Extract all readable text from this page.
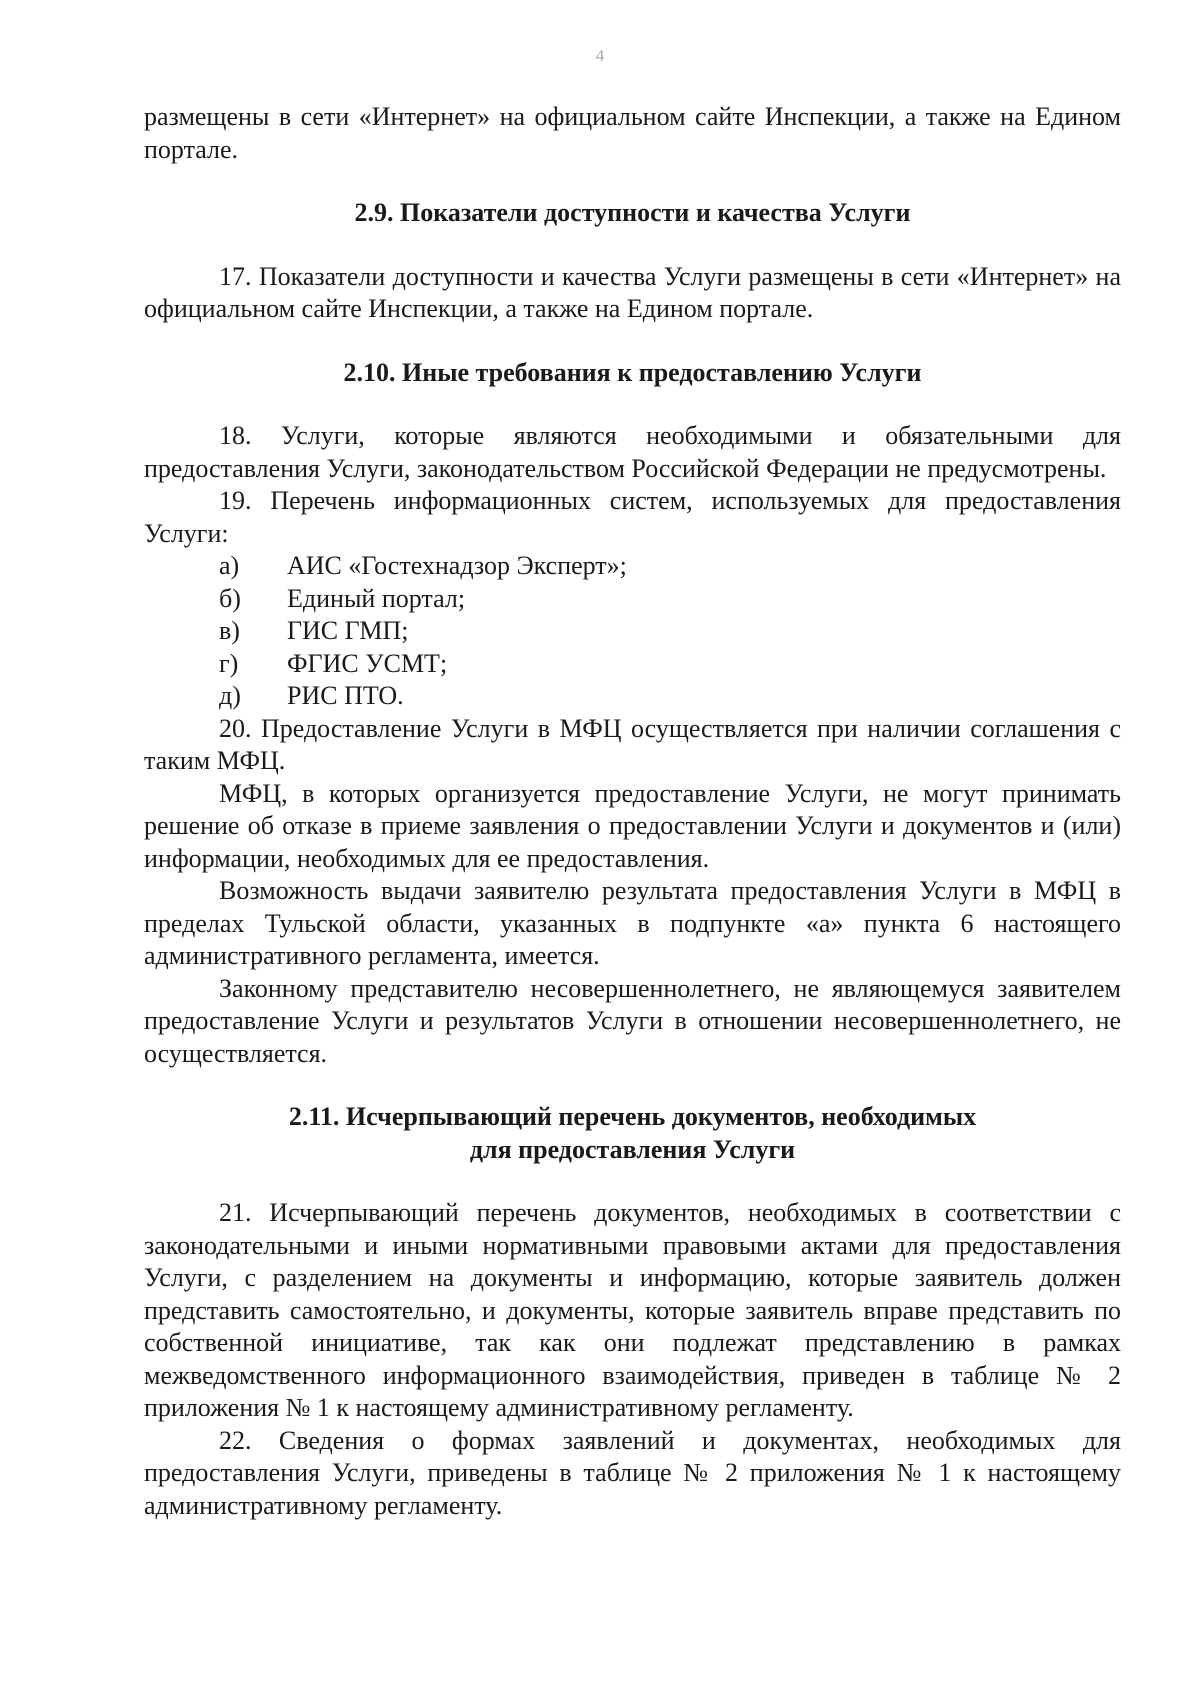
4

размещены в сети «Интернет» на официальном сайте Инспекции, а также на Едином портале.

2.9. Показатели доступности и качества Услуги

17. Показатели доступности и качества Услуги размещены в сети «Интернет» на официальном сайте Инспекции, а также на Едином портале.

2.10. Иные требования к предоставлению Услуги

18. Услуги, которые являются необходимыми и обязательными для предоставления Услуги, законодательством Российской Федерации не предусмотрены.

19. Перечень информационных систем, используемых для предоставления Услуги:

а)	АИС «Гостехнадзор Эксперт»;
б)	Единый портал;
в)	ГИС ГМП;
г)	ФГИС УСМТ;
д)	РИС ПТО.

20. Предоставление Услуги в МФЦ осуществляется при наличии соглашения с таким МФЦ.

МФЦ, в которых организуется предоставление Услуги, не могут принимать решение об отказе в приеме заявления о предоставлении Услуги и документов и (или) информации, необходимых для ее предоставления.

Возможность выдачи заявителю результата предоставления Услуги в МФЦ в пределах Тульской области, указанных в подпункте «а» пункта 6 настоящего административного регламента, имеется.

Законному представителю несовершеннолетнего, не являющемуся заявителем предоставление Услуги и результатов Услуги в отношении несовершеннолетнего, не осуществляется.

2.11. Исчерпывающий перечень документов, необходимых
для предоставления Услуги

21. Исчерпывающий перечень документов, необходимых в соответствии с законодательными и иными нормативными правовыми актами для предоставления Услуги, с разделением на документы и информацию, которые заявитель должен представить самостоятельно, и документы, которые заявитель вправе представить по собственной инициативе, так как они подлежат представлению в рамках межведомственного информационного взаимодействия, приведен в таблице № 2 приложения № 1 к настоящему административному регламенту.

22. Сведения о формах заявлений и документах, необходимых для предоставления Услуги, приведены в таблице № 2 приложения № 1 к настоящему административному регламенту.
